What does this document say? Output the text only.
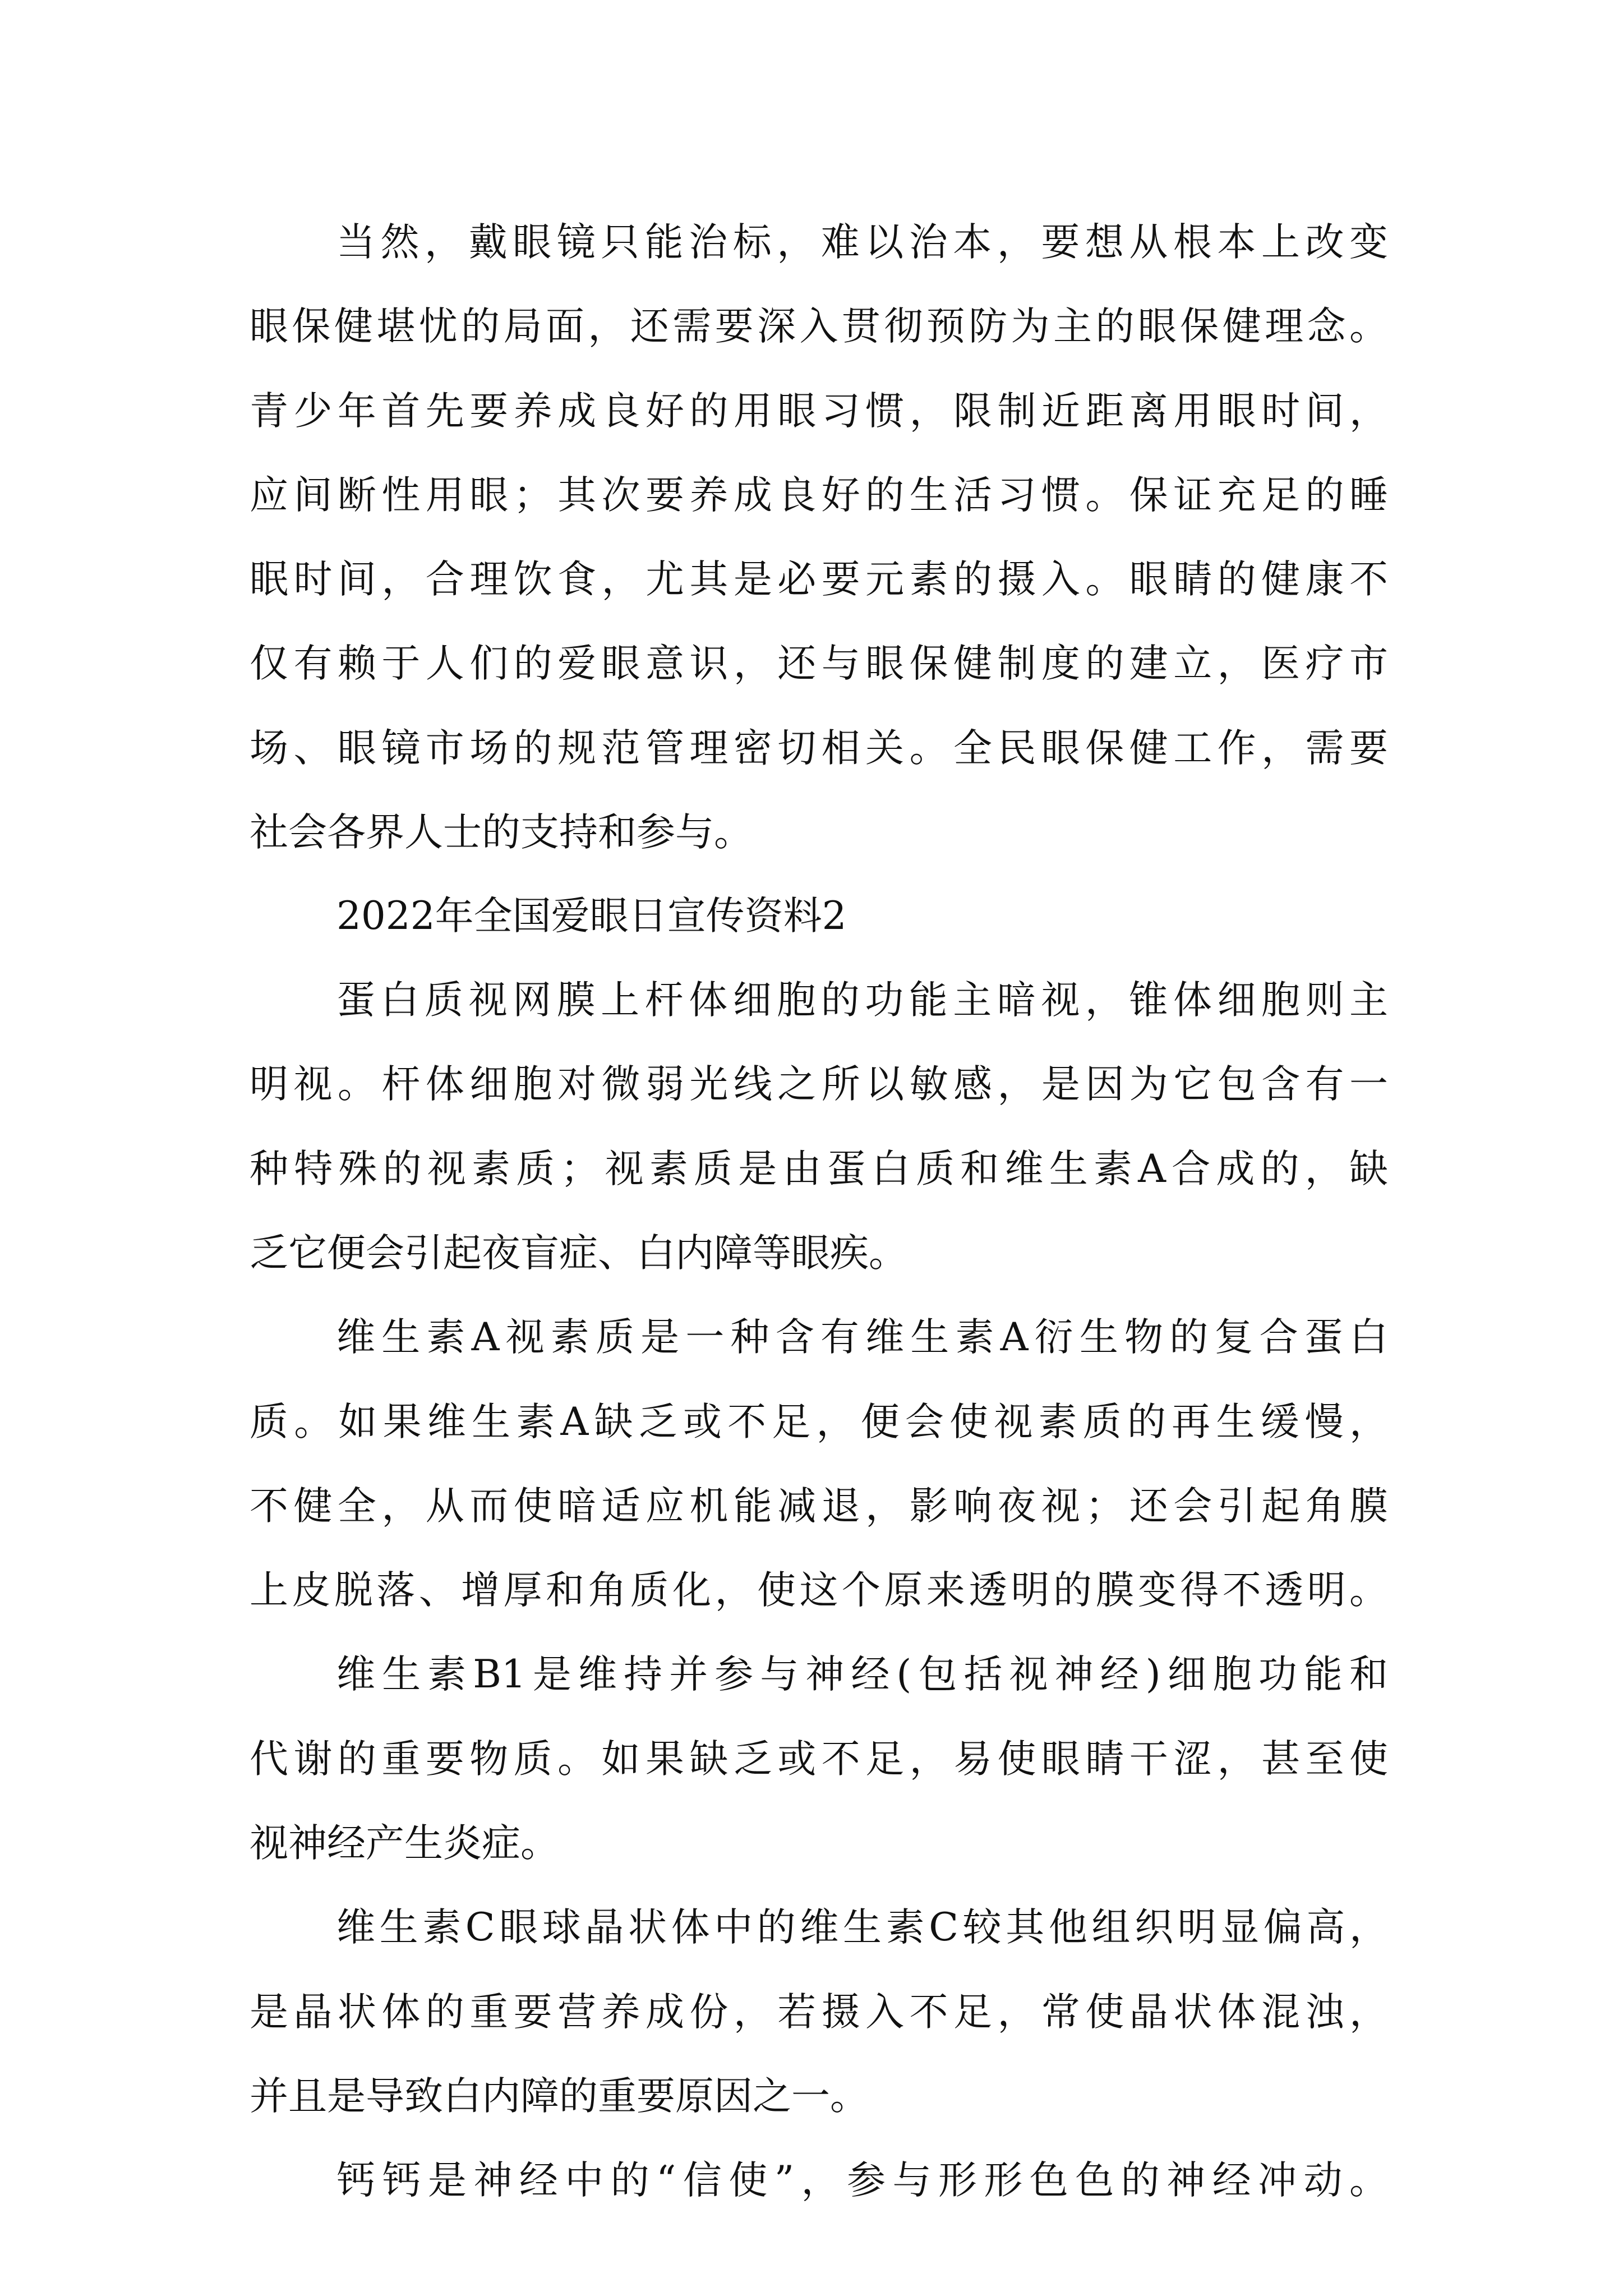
当然，戴眼镜只能治标，难以治本，要想从根本上改变
眼保健堪忧的局面，还需要深入贯彻预防为主的眼保健理念。
青少年首先要养成良好的用眼习惯，限制近距离用眼时间，
应间断性用眼；其次要养成良好的生活习惯。保证充足的睡
眠时间，合理饮食，尤其是必要元素的摄入。眼睛的健康不
仅有赖于人们的爱眼意识，还与眼保健制度的建立，医疗市
场、眼镜市场的规范管理密切相关。全民眼保健工作，需要
社会各界人士的支持和参与。
2022年全国爱眼日宣传资料2
蛋白质视网膜上杆体细胞的功能主暗视，锥体细胞则主
明视。杆体细胞对微弱光线之所以敏感，是因为它包含有一
种特殊的视素质；视素质是由蛋白质和维生素A合成的，缺
乏它便会引起夜盲症、白内障等眼疾。
维生素A视素质是一种含有维生素A衍生物的复合蛋白
质。如果维生素A缺乏或不足，便会使视素质的再生缓慢，
不健全，从而使暗适应机能减退，影响夜视；还会引起角膜
上皮脱落、增厚和角质化，使这个原来透明的膜变得不透明。
维生素B1是维持并参与神经(包括视神经)细胞功能和
代谢的重要物质。如果缺乏或不足，易使眼睛干涩，甚至使
视神经产生炎症。
维生素C眼球晶状体中的维生素C较其他组织明显偏高，
是晶状体的重要营养成份，若摄入不足，常使晶状体混浊，
并且是导致白内障的重要原因之一。
钙钙是神经中的“信使”，参与形形色色的神经冲动。
